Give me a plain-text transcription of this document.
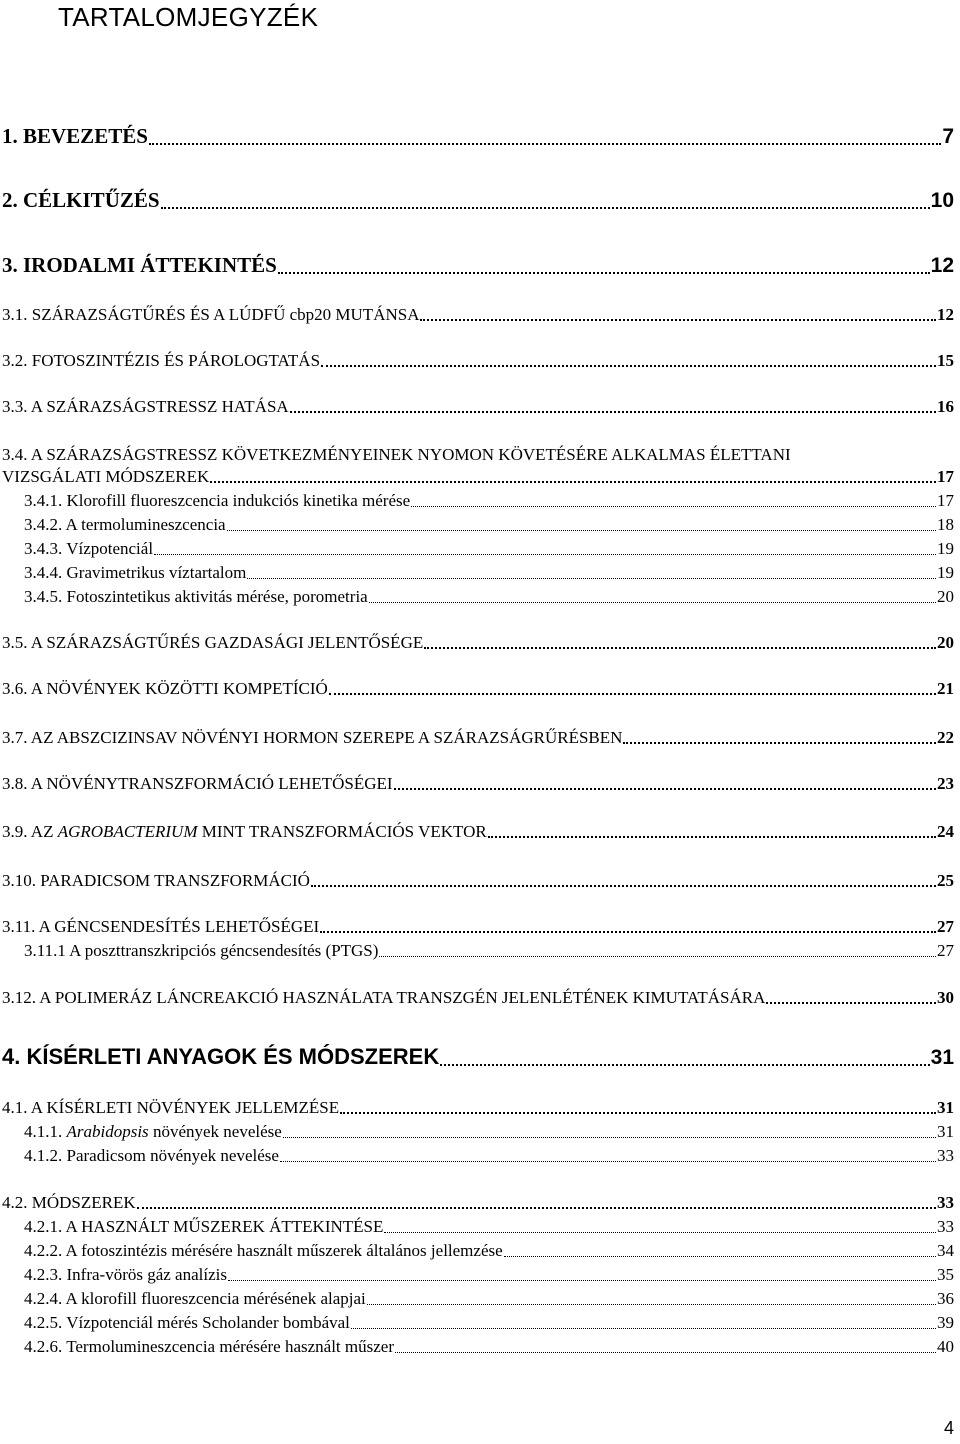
TARTALOMJEGYZÉK
1. BEVEZETÉS	7
2. CÉLKITŰZÉS	10
3. IRODALMI ÁTTEKINTÉS	12
3.1. SZÁRAZSÁGTŰRÉS ÉS A LÚDFŰ cbp20 MUTÁNSA	12
3.2. FOTOSZINTÉZIS ÉS PÁROLOGTATÁS	15
3.3. A SZÁRAZSÁGSTRESSZ HATÁSA	16
3.4. A SZÁRAZSÁGSTRESSZ KÖVETKEZMÉNYEINEK NYOMON KÖVETÉSÉRE ALKALMAS ÉLETTANI
VIZSGÁLATI MÓDSZEREK	17
3.4.1. Klorofill fluoreszcencia indukciós kinetika mérése	17
3.4.2. A termolumineszcencia	18
3.4.3. Vízpotenciál	19
3.4.4. Gravimetrikus víztartalom	19
3.4.5. Fotoszintetikus aktivitás mérése, porometria	20
3.5. A SZÁRAZSÁGTŰRÉS GAZDASÁGI JELENTŐSÉGE	20
3.6. A NÖVÉNYEK KÖZÖTTI KOMPETÍCIÓ	21
3.7. AZ ABSZCIZINSAV NÖVÉNYI HORMON SZEREPE A SZÁRAZSÁGRŰRÉSBEN	22
3.8. A NÖVÉNYTRANSZFORMÁCIÓ LEHETŐSÉGEI	23
3.9. AZ AGROBACTERIUM MINT TRANSZFORMÁCIÓS VEKTOR	24
3.10. PARADICSOM TRANSZFORMÁCIÓ	25
3.11. A GÉNCSENDESÍTÉS LEHETŐSÉGEI	27
3.11.1 A poszttranszkripciós géncsendesítés (PTGS)	27
3.12. A POLIMERÁZ LÁNCREAKCIÓ HASZNÁLATA TRANSZGÉN JELENLÉTÉNEK KIMUTATÁSÁRA	30
4. KÍSÉRLETI ANYAGOK ÉS MÓDSZEREK	31
4.1. A KÍSÉRLETI NÖVÉNYEK JELLEMZÉSE	31
4.1.1. Arabidopsis növények nevelése	31
4.1.2. Paradicsom növények nevelése	33
4.2. MÓDSZEREK	33
4.2.1. A HASZNÁLT MŰSZEREK ÁTTEKINTÉSE	33
4.2.2. A fotoszintézis mérésére használt műszerek általános jellemzése	34
4.2.3. Infra-vörös gáz analízis	35
4.2.4. A klorofill fluoreszcencia mérésének alapjai	36
4.2.5. Vízpotenciál mérés Scholander bombával	39
4.2.6. Termolumineszcencia mérésére használt műszer	40
4
